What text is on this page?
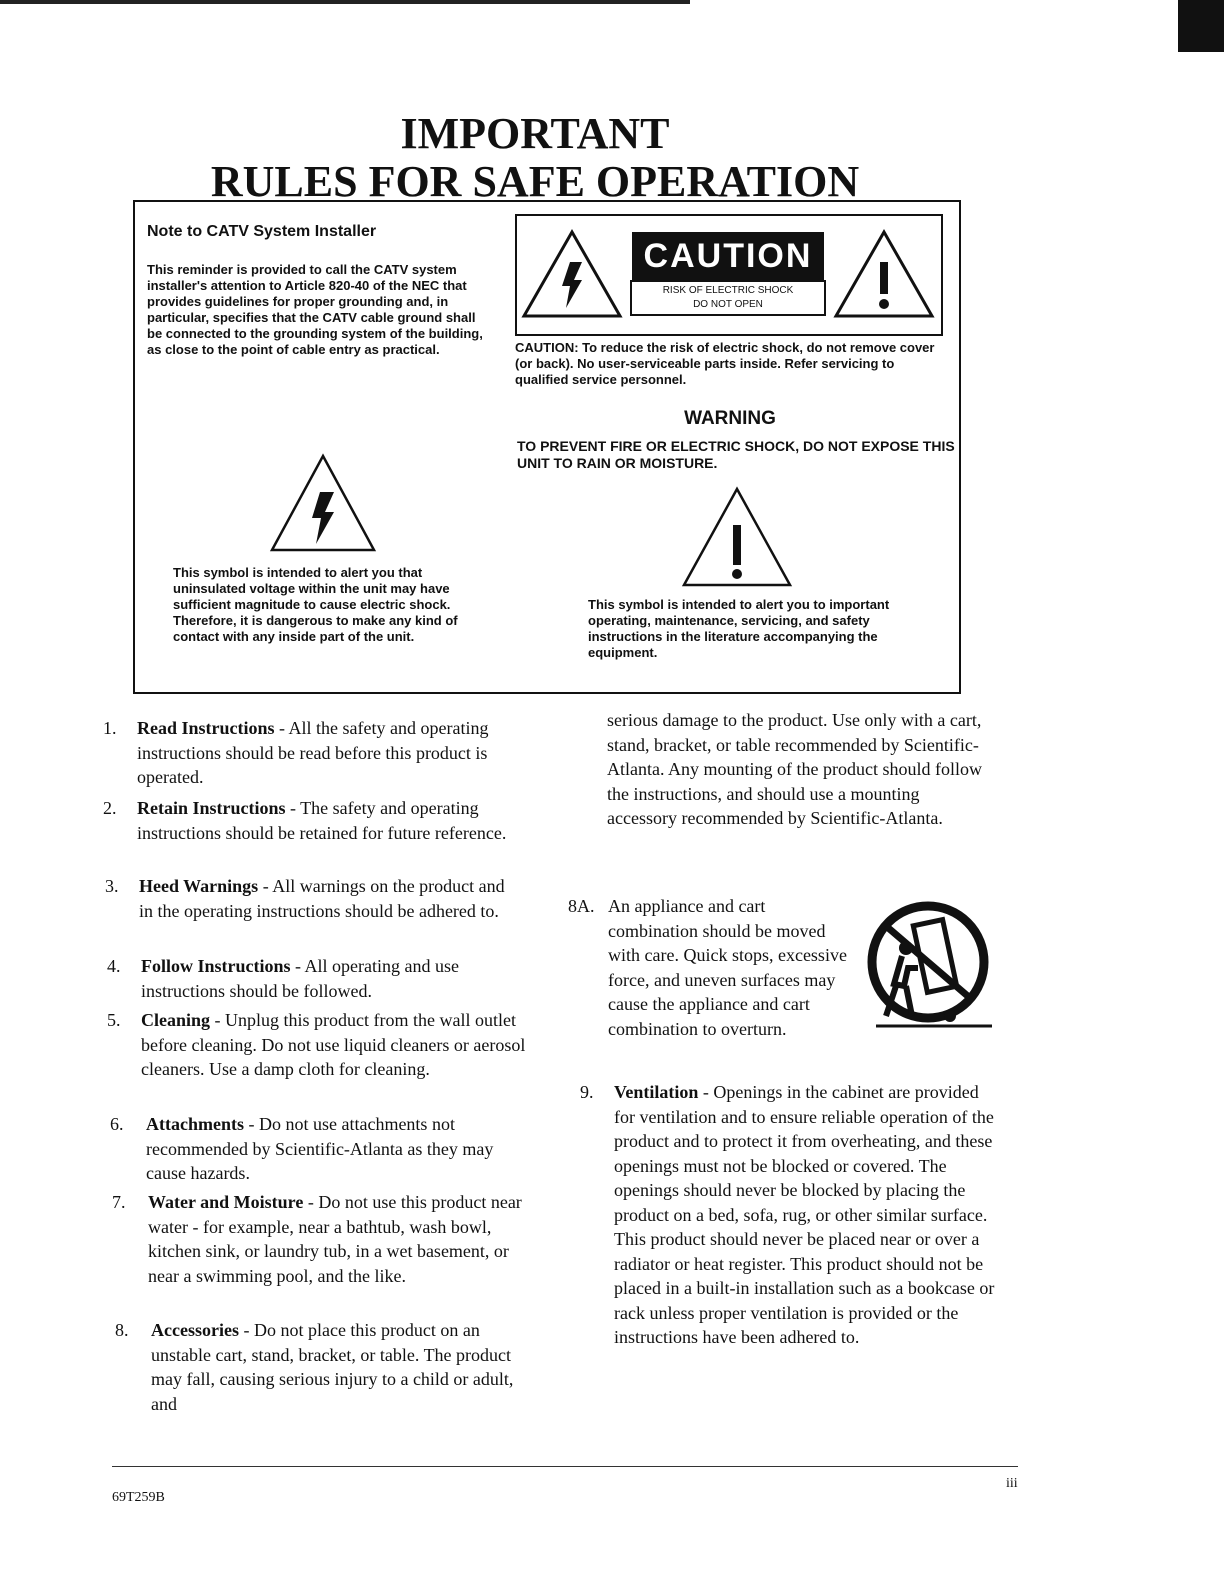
IMPORTANT
RULES FOR SAFE OPERATION
Note to CATV System Installer
This reminder is provided to call the CATV system installer's attention to Article 820-40 of the NEC that provides guidelines for proper grounding and, in particular, specifies that the CATV cable ground shall be connected to the grounding system of the building, as close to the point of cable entry as practical.
CAUTION
RISK OF ELECTRIC SHOCK
DO NOT OPEN
CAUTION: To reduce the risk of electric shock, do not remove cover (or back). No user-serviceable parts inside. Refer servicing to qualified service personnel.
WARNING
TO PREVENT FIRE OR ELECTRIC SHOCK, DO NOT EXPOSE THIS UNIT TO RAIN OR MOISTURE.
This symbol is intended to alert you that uninsulated voltage within the unit may have sufficient magnitude to cause electric shock. Therefore, it is dangerous to make any kind of contact with any inside part of the unit.
This symbol is intended to alert you to important operating, maintenance, servicing, and safety instructions in the literature accompanying the equipment.
1. Read Instructions - All the safety and operating instructions should be read before this product is operated.
2. Retain Instructions - The safety and operating instructions should be retained for future reference.
3. Heed Warnings - All warnings on the product and in the operating instructions should be adhered to.
4. Follow Instructions - All operating and use instructions should be followed.
5. Cleaning - Unplug this product from the wall outlet before cleaning. Do not use liquid cleaners or aerosol cleaners. Use a damp cloth for cleaning.
6. Attachments - Do not use attachments not recommended by Scientific-Atlanta as they may cause hazards.
7. Water and Moisture - Do not use this product near water - for example, near a bathtub, wash bowl, kitchen sink, or laundry tub, in a wet basement, or near a swimming pool, and the like.
8. Accessories - Do not place this product on an unstable cart, stand, bracket, or table. The product may fall, causing serious injury to a child or adult, and
serious damage to the product. Use only with a cart, stand, bracket, or table recommended by Scientific-Atlanta. Any mounting of the product should follow the instructions, and should use a mounting accessory recommended by Scientific-Atlanta.
8A. An appliance and cart combination should be moved with care. Quick stops, excessive force, and uneven surfaces may cause the appliance and cart combination to overturn.
9. Ventilation - Openings in the cabinet are provided for ventilation and to ensure reliable operation of the product and to protect it from overheating, and these openings must not be blocked or covered. The openings should never be blocked by placing the product on a bed, sofa, rug, or other similar surface. This product should never be placed near or over a radiator or heat register. This product should not be placed in a built-in installation such as a bookcase or rack unless proper ventilation is provided or the instructions have been adhered to.
69T259B
iii
